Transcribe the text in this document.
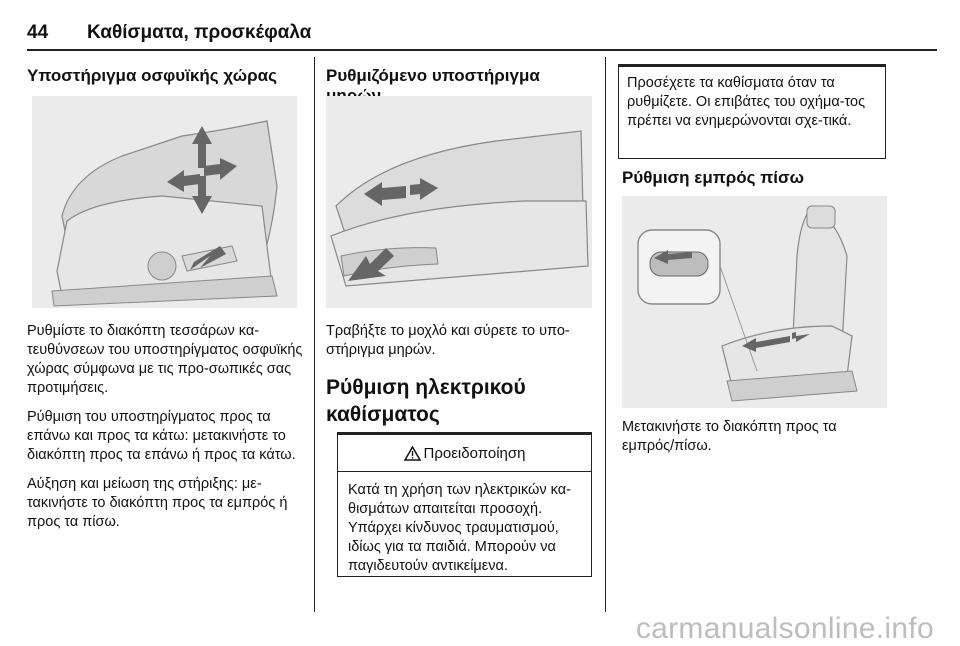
44 Καθίσματα, προσκέφαλα
Υποστήριγμα οσφυϊκής χώρας

Ρυθμίστε το διακόπτη τεσσάρων κα-τευθύνσεων του υποστηρίγματος οσφυϊκής χώρας σύμφωνα με τις προ-σωπικές σας προτιμήσεις.

Ρύθμιση του υποστηρίγματος προς τα επάνω και προς τα κάτω: μετακινήστε το διακόπτη προς τα επάνω ή προς τα κάτω.

Αύξηση και μείωση της στήριξης: με-τακινήστε το διακόπτη προς τα εμπρός ή προς τα πίσω.

Ρυθμιζόμενο υποστήριγμα

Τραβήξτε το μοχλό και σύρετε το υπο-στήριγμα μηρών.

Ρύθμιση ηλεκτρικού καθίσματος
Προειδοποίηση

Κατά τη χρήση των ηλεκτρικών κα-θισμάτων απαιτείται προσοχή. Υπάρχει κίνδυνος τραυματισμού, ιδίως για τα παιδιά. Μπορούν να παγιδευτούν αντικείμενα.

Προσέχετε τα καθίσματα όταν τα ρυθμίζετε. Οι επιβάτες του οχήμα-τος πρέπει να ενημερώνονται σχε-τικά.

Ρύθμιση εμπρός πίσω

Μετακινήστε το διακόπτη προς τα εμπρός/πίσω.

carmanualsonline.info
